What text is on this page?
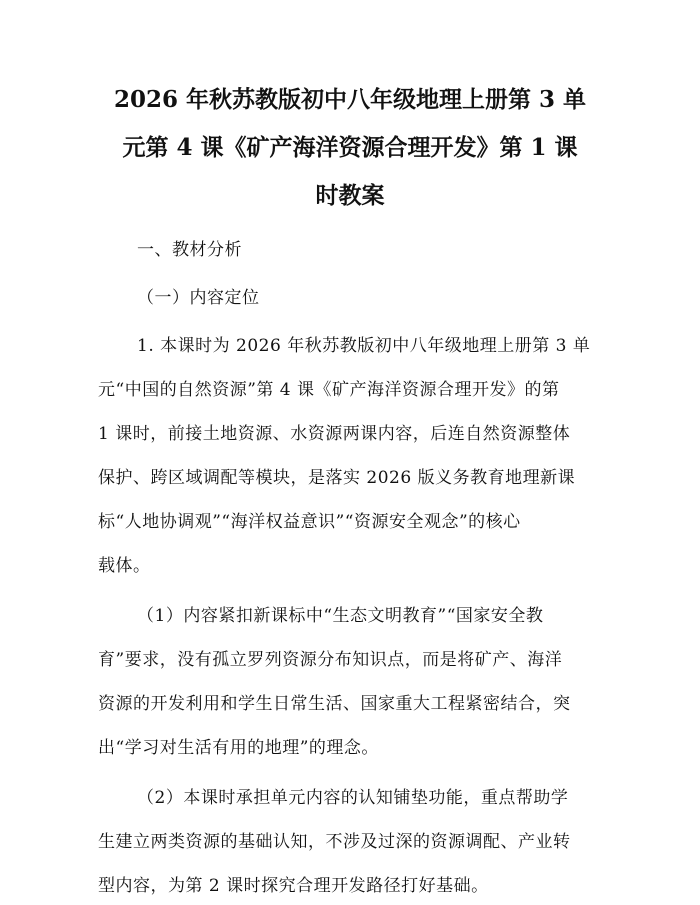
2026 年秋苏教版初中八年级地理上册第 3 单
元第 4 课《矿产海洋资源合理开发》第 1 课
时教案
一、教材分析
（一）内容定位
1. 本课时为 2026 年秋苏教版初中八年级地理上册第 3 单
元“中国的自然资源”第 4 课《矿产海洋资源合理开发》的第
1 课时，前接土地资源、水资源两课内容，后连自然资源整体
保护、跨区域调配等模块，是落实 2026 版义务教育地理新课
标“人地协调观”“海洋权益意识”“资源安全观念”的核心
载体。
（1）内容紧扣新课标中“生态文明教育”“国家安全教
育”要求，没有孤立罗列资源分布知识点，而是将矿产、海洋
资源的开发利用和学生日常生活、国家重大工程紧密结合，突
出“学习对生活有用的地理”的理念。
（2）本课时承担单元内容的认知铺垫功能，重点帮助学
生建立两类资源的基础认知，不涉及过深的资源调配、产业转
型内容，为第 2 课时探究合理开发路径打好基础。
